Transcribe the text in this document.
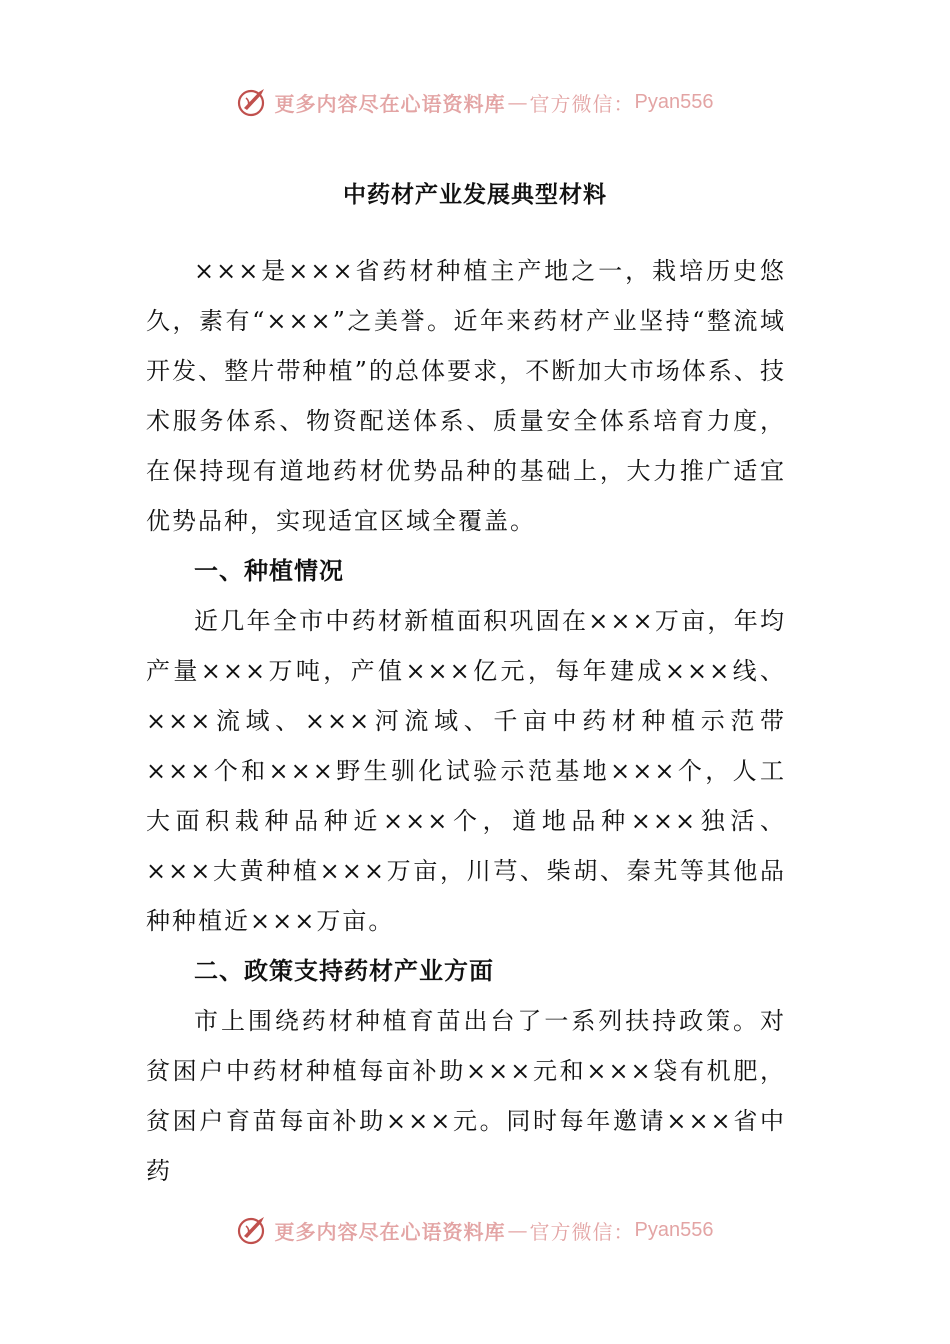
更多内容尽在心语资料库 — 官方微信： Pyan556
中药材产业发展典型材料

×××是×××省药材种植主产地之一，栽培历史悠久，素有“×××”之美誉。近年来药材产业坚持“整流域开发、整片带种植”的总体要求，不断加大市场体系、技术服务体系、物资配送体系、质量安全体系培育力度，在保持现有道地药材优势品种的基础上，大力推广适宜优势品种，实现适宜区域全覆盖。

一、种植情况

近几年全市中药材新植面积巩固在×××万亩，年均产量×××万吨，产值×××亿元，每年建成×××线、×××流域、×××河流域、千亩中药材种植示范带×××个和×××野生驯化试验示范基地×××个，人工大面积栽种品种近×××个，道地品种×××独活、×××大黄种植×××万亩，川芎、柴胡、秦艽等其他品种种植近×××万亩。

二、政策支持药材产业方面

市上围绕药材种植育苗出台了一系列扶持政策。对贫困户中药材种植每亩补助×××元和×××袋有机肥，贫困户育苗每亩补助×××元。同时每年邀请×××省中药

更多内容尽在心语资料库 — 官方微信： Pyan556
